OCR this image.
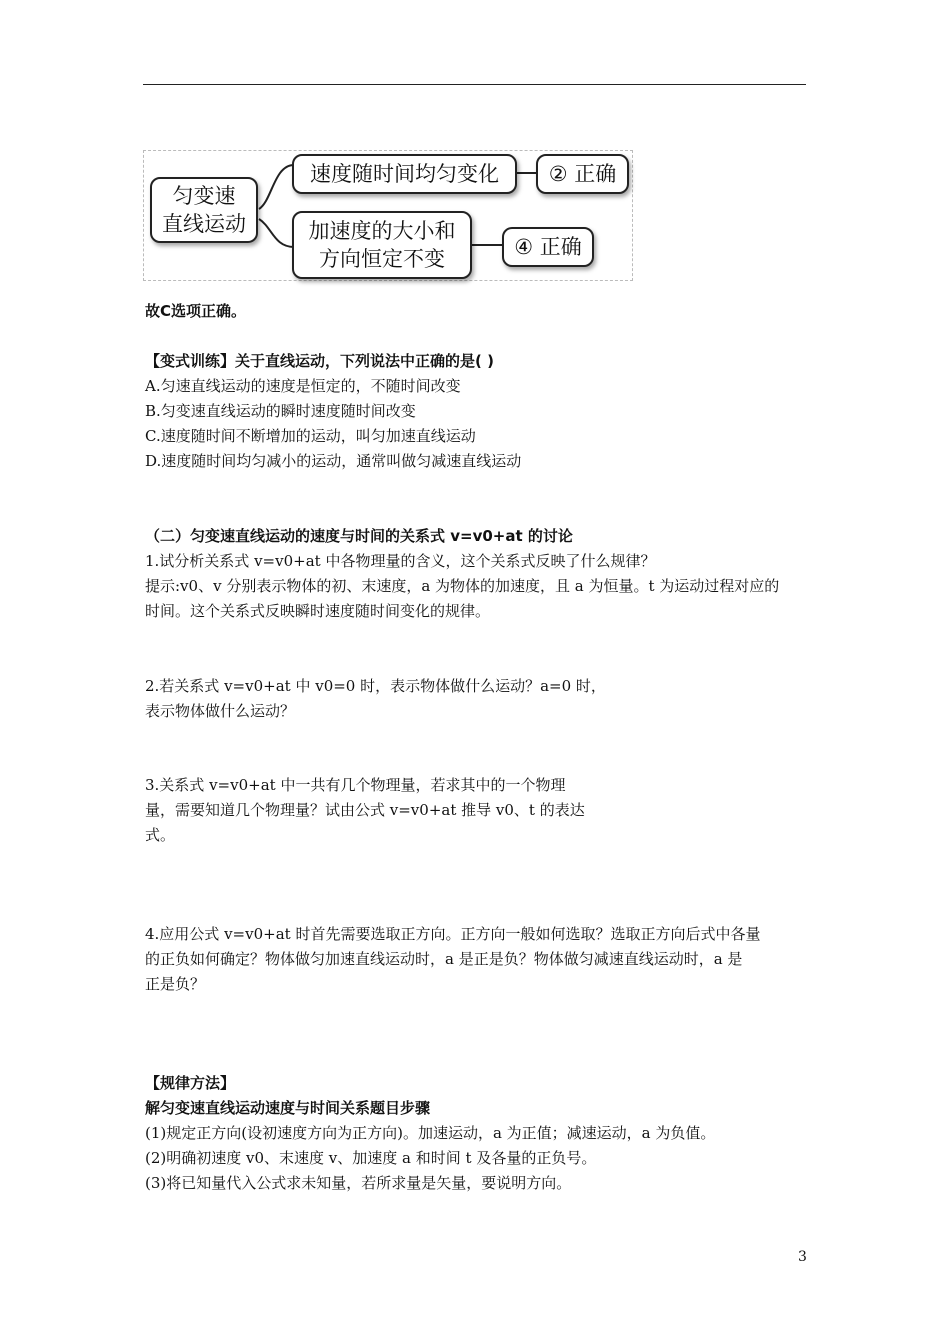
匀变速
直线运动
速度随时间均匀变化	② 正确
加速度的大小和
方向恒定不变
④ 正确
故C选项正确。
【变式训练】关于直线运动，下列说法中正确的是( )
A.匀速直线运动的速度是恒定的，不随时间改变
B.匀变速直线运动的瞬时速度随时间改变
C.速度随时间不断增加的运动，叫匀加速直线运动
D.速度随时间均匀减小的运动，通常叫做匀减速直线运动
（二）匀变速直线运动的速度与时间的关系式 v=v0+at 的讨论
1.试分析关系式 v=v0+at 中各物理量的含义，这个关系式反映了什么规律？
提示:v0、v 分别表示物体的初、末速度，a 为物体的加速度，且 a 为恒量。t 为运动过程对应的
时间。这个关系式反映瞬时速度随时间变化的规律。
2.若关系式 v=v0+at 中 v0=0 时，表示物体做什么运动？a=0 时，
表示物体做什么运动？
3.关系式 v=v0+at 中一共有几个物理量，若求其中的一个物理
量，需要知道几个物理量？试由公式 v=v0+at 推导 v0、t 的表达
式。
4.应用公式 v=v0+at 时首先需要选取正方向。正方向一般如何选取？选取正方向后式中各量
的正负如何确定？物体做匀加速直线运动时，a 是正是负？物体做匀减速直线运动时，a 是
正是负？
【规律方法】
解匀变速直线运动速度与时间关系题目步骤
(1)规定正方向(设初速度方向为正方向)。加速运动，a 为正值；减速运动，a 为负值。
(2)明确初速度 v0、末速度 v、加速度 a 和时间 t 及各量的正负号。
(3)将已知量代入公式求未知量，若所求量是矢量，要说明方向。
3
